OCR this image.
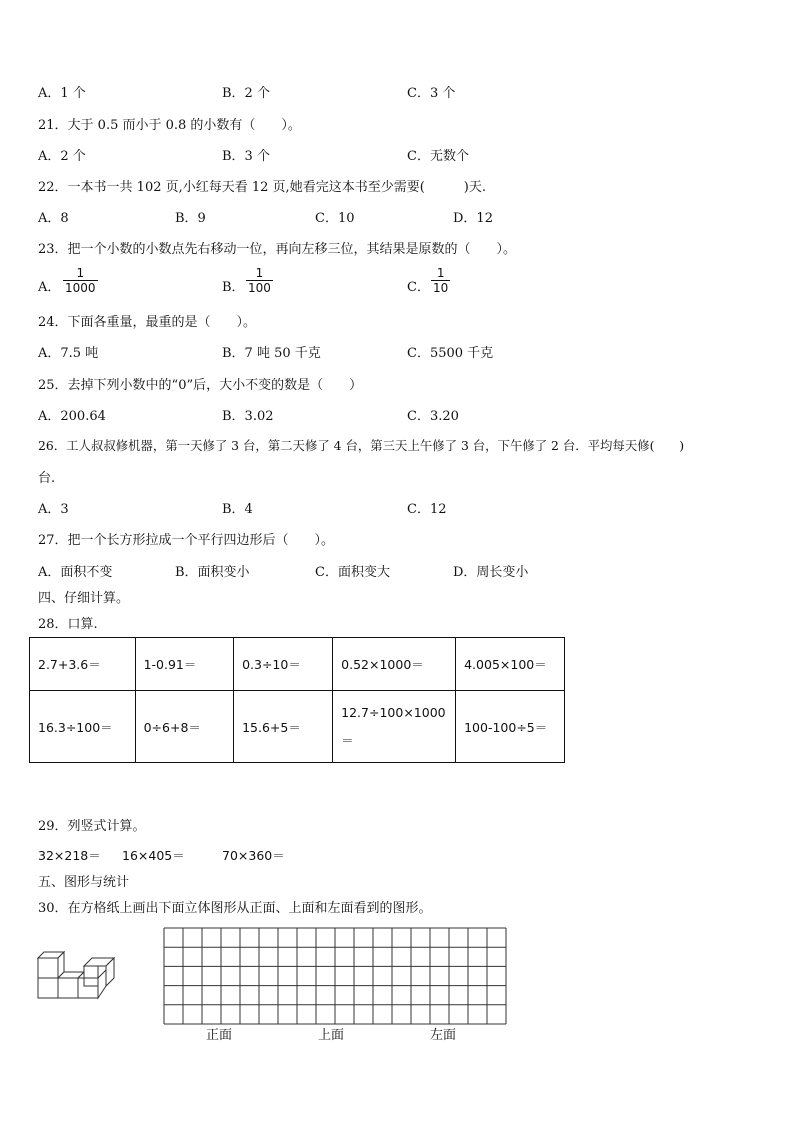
A．1 个	B．2 个	C．3 个
21．大于 0.5 而小于 0.8 的小数有（　　）。
A．2 个	B．3 个	C．无数个
22．一本书一共 102 页,小红每天看 12 页,她看完这本书至少需要(　　　)天.
A．8	B．9	C．10	D．12
23．把一个小数的小数点先右移动一位，再向左移三位，其结果是原数的（　　）。
A．
1
1000	B．
1
100	C．
1
10
24．下面各重量，最重的是（　　）。
A．7.5 吨	B．7 吨 50 千克	C．5500 千克
25．去掉下列小数中的“0”后，大小不变的数是（　　）
A．200.64	B．3.02	C．3.20
26．工人叔叔修机器，第一天修了 3 台，第二天修了 4 台，第三天上午修了 3 台，下午修了 2 台．平均每天修(　　)
台.
A．3	B．4	C．12
27．把一个长方形拉成一个平行四边形后（　　）。
A．面积不变	B．面积变小	C．面积变大	D．周长变小
四、仔细计算。
28．口算.
2.7+3.6＝	1-0.91＝	0.3÷10＝	0.52×1000＝	4.005×100＝
16.3÷100＝	0÷6+8＝	15.6+5＝	12.7÷100×1000
＝	100-100÷5＝
29．列竖式计算。
32×218＝ 16×405＝	70×360＝
五、图形与统计
30．在方格纸上画出下面立体图形从正面、上面和左面看到的图形。
正面	上面	左面
